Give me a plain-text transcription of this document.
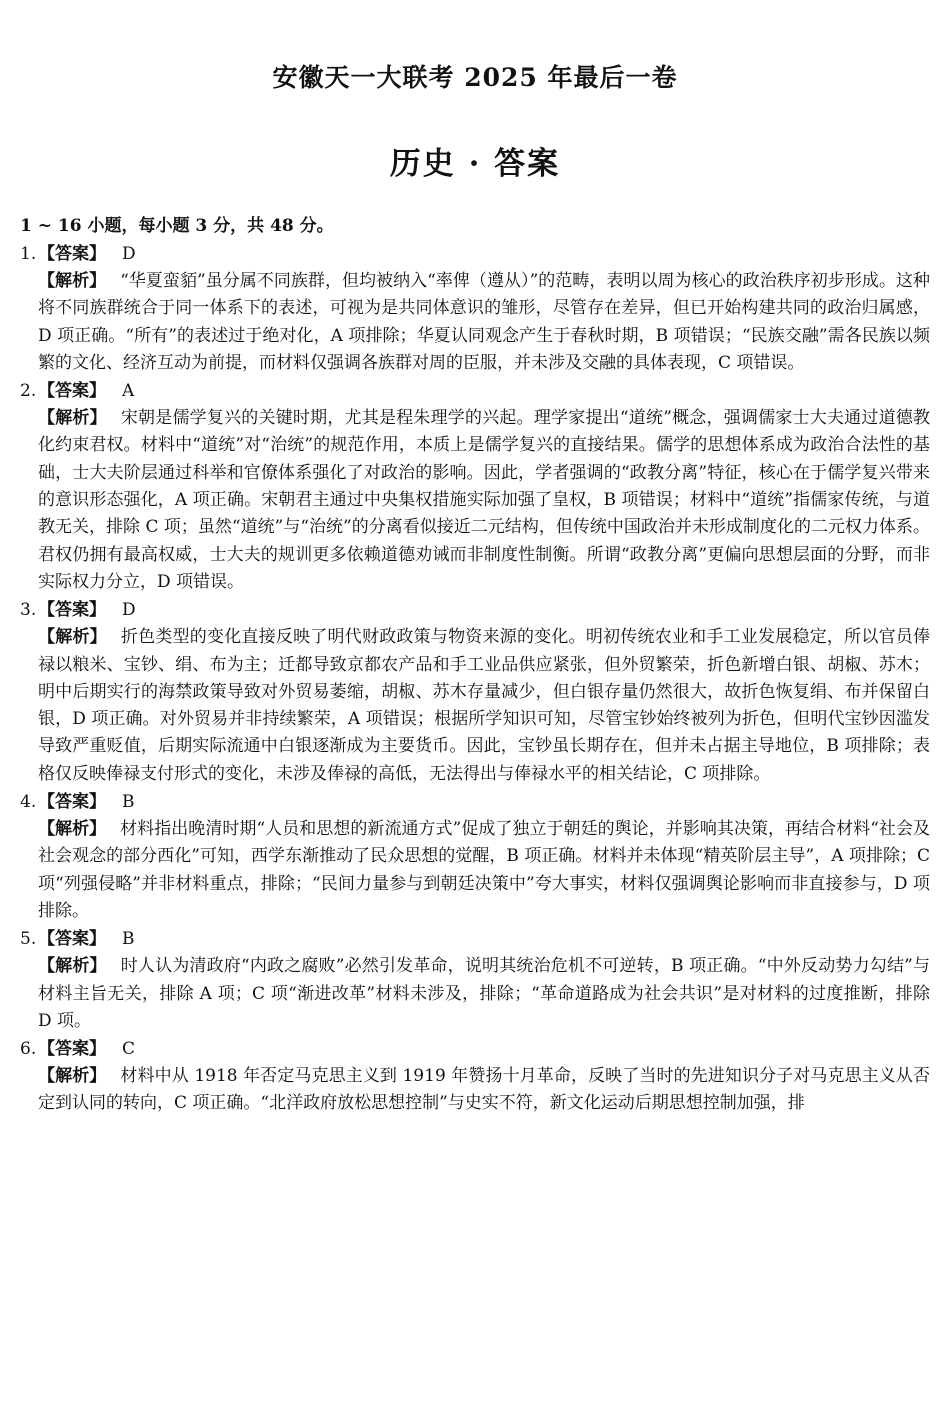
安徽天一大联考 2025 年最后一卷
历史 · 答案
1 ~ 16 小题，每小题 3 分，共 48 分。
1. 【答案】 D
【解析】 “华夏蛮貊”虽分属不同族群，但均被纳入“率俾（遵从）”的范畴，表明以周为核心的政治秩序初步形成。这种将不同族群统合于同一体系下的表述，可视为是共同体意识的雏形，尽管存在差异，但已开始构建共同的政治归属感，D 项正确。“所有”的表述过于绝对化，A 项排除；华夏认同观念产生于春秋时期，B 项错误；“民族交融”需各民族以频繁的文化、经济互动为前提，而材料仅强调各族群对周的臣服，并未涉及交融的具体表现，C 项错误。
2. 【答案】 A
【解析】 宋朝是儒学复兴的关键时期，尤其是程朱理学的兴起。理学家提出“道统”概念，强调儒家士大夫通过道德教化约束君权。材料中“道统”对“治统”的规范作用，本质上是儒学复兴的直接结果。儒学的思想体系成为政治合法性的基础，士大夫阶层通过科举和官僚体系强化了对政治的影响。因此，学者强调的“政教分离”特征，核心在于儒学复兴带来的意识形态强化，A 项正确。宋朝君主通过中央集权措施实际加强了皇权，B 项错误；材料中“道统”指儒家传统，与道教无关，排除 C 项；虽然“道统”与“治统”的分离看似接近二元结构，但传统中国政治并未形成制度化的二元权力体系。君权仍拥有最高权威，士大夫的规训更多依赖道德劝诫而非制度性制衡。所谓“政教分离”更偏向思想层面的分野，而非实际权力分立，D 项错误。
3. 【答案】 D
【解析】 折色类型的变化直接反映了明代财政政策与物资来源的变化。明初传统农业和手工业发展稳定，所以官员俸禄以粮米、宝钞、绢、布为主；迁都导致京都农产品和手工业品供应紧张，但外贸繁荣，折色新增白银、胡椒、苏木；明中后期实行的海禁政策导致对外贸易萎缩，胡椒、苏木存量减少，但白银存量仍然很大，故折色恢复绢、布并保留白银，D 项正确。对外贸易并非持续繁荣，A 项错误；根据所学知识可知，尽管宝钞始终被列为折色，但明代宝钞因滥发导致严重贬值，后期实际流通中白银逐渐成为主要货币。因此，宝钞虽长期存在，但并未占据主导地位，B 项排除；表格仅反映俸禄支付形式的变化，未涉及俸禄的高低，无法得出与俸禄水平的相关结论，C 项排除。
4. 【答案】 B
【解析】 材料指出晚清时期“人员和思想的新流通方式”促成了独立于朝廷的舆论，并影响其决策，再结合材料“社会及社会观念的部分西化”可知，西学东渐推动了民众思想的觉醒，B 项正确。材料并未体现“精英阶层主导”，A 项排除；C 项“列强侵略”并非材料重点，排除；“民间力量参与到朝廷决策中”夸大事实，材料仅强调舆论影响而非直接参与，D 项排除。
5. 【答案】 B
【解析】 时人认为清政府“内政之腐败”必然引发革命，说明其统治危机不可逆转，B 项正确。“中外反动势力勾结”与材料主旨无关，排除 A 项；C 项“渐进改革”材料未涉及，排除；“革命道路成为社会共识”是对材料的过度推断，排除 D 项。
6. 【答案】 C
【解析】 材料中从 1918 年否定马克思主义到 1919 年赞扬十月革命，反映了当时的先进知识分子对马克思主义从否定到认同的转向，C 项正确。“北洋政府放松思想控制”与史实不符，新文化运动后期思想控制加强，排
